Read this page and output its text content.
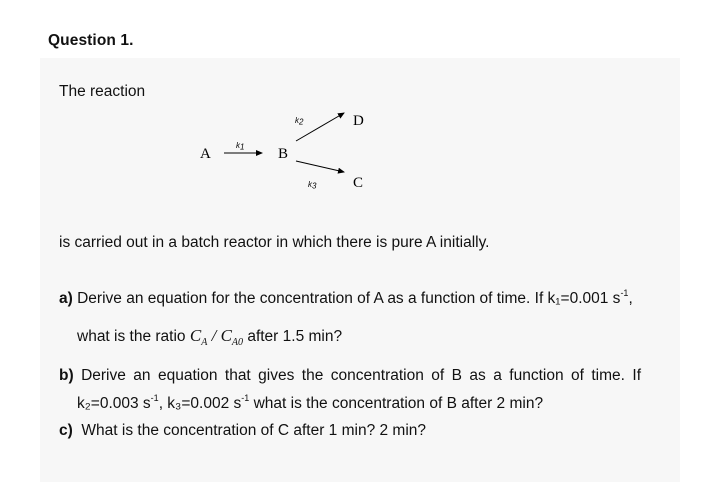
Question 1.
The reaction
A
k1 B
k2	D
k3 C
is carried out in a batch reactor in which there is pure A initially.
a) Derive an equation for the concentration of A as a function of time. If k₁=0.001 $s^{-1}$,
what is the ratio $C_A / C_{A0}$ after 1.5 min?
b) Derive an equation that gives the concentration of B as a function of time. If
k₂=0.003 $s^{-1}$, k₃=0.002 $s^{-1}$ what is the concentration of B after 2 min?
c) What is the concentration of C after 1 min? 2 min?
